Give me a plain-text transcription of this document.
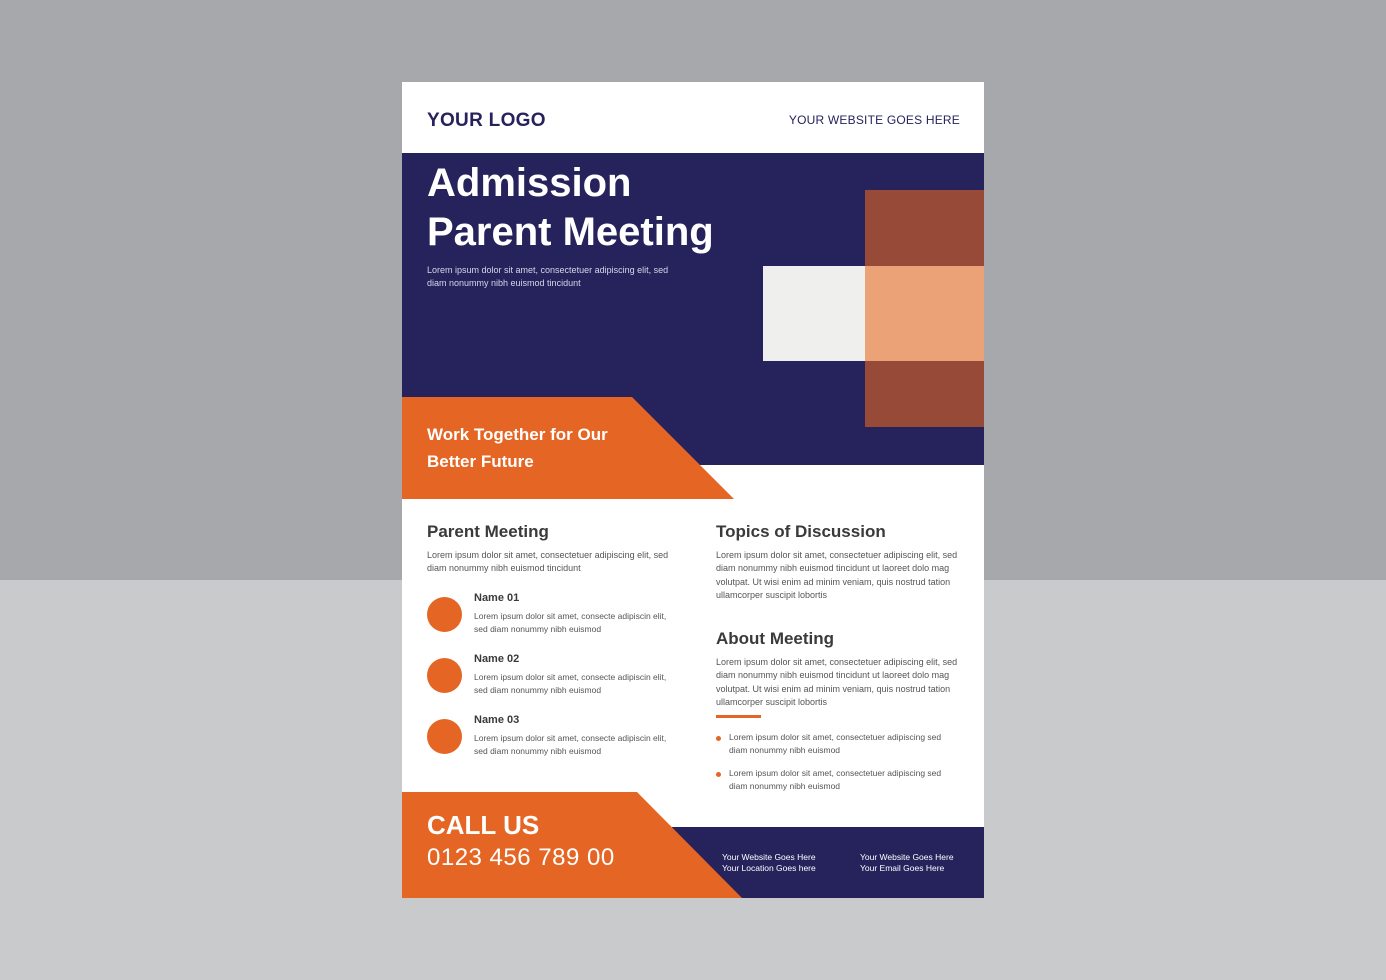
YOUR LOGO	YOUR WEBSITE GOES HERE
Admission
Parent Meeting
Lorem ipsum dolor sit amet, consectetuer adipiscing elit, sed
diam nonummy nibh euismod tincidunt
Work Together for Our
Better Future
Parent Meeting
Lorem ipsum dolor sit amet, consectetuer adipiscing elit, sed
diam nonummy nibh euismod tincidunt
Name 01
Lorem ipsum dolor sit amet, consecte adipiscin elit,
sed diam nonummy nibh euismod
Name 02
Lorem ipsum dolor sit amet, consecte adipiscin elit,
sed diam nonummy nibh euismod
Name 03
Lorem ipsum dolor sit amet, consecte adipiscin elit,
sed diam nonummy nibh euismod
Topics of Discussion
Lorem ipsum dolor sit amet, consectetuer adipiscing elit, sed
diam nonummy nibh euismod tincidunt ut laoreet dolo mag
volutpat. Ut wisi enim ad minim veniam, quis nostrud tation
ullamcorper suscipit lobortis
About Meeting
Lorem ipsum dolor sit amet, consectetuer adipiscing elit, sed
diam nonummy nibh euismod tincidunt ut laoreet dolo mag
volutpat. Ut wisi enim ad minim veniam, quis nostrud tation
ullamcorper suscipit lobortis
Lorem ipsum dolor sit amet, consectetuer adipiscing sed
diam nonummy nibh euismod
Lorem ipsum dolor sit amet, consectetuer adipiscing sed
diam nonummy nibh euismod
CALL US
0123 456 789 00	Your Website Goes Here
Your Location Goes here
Your Website Goes Here
Your Email Goes Here
